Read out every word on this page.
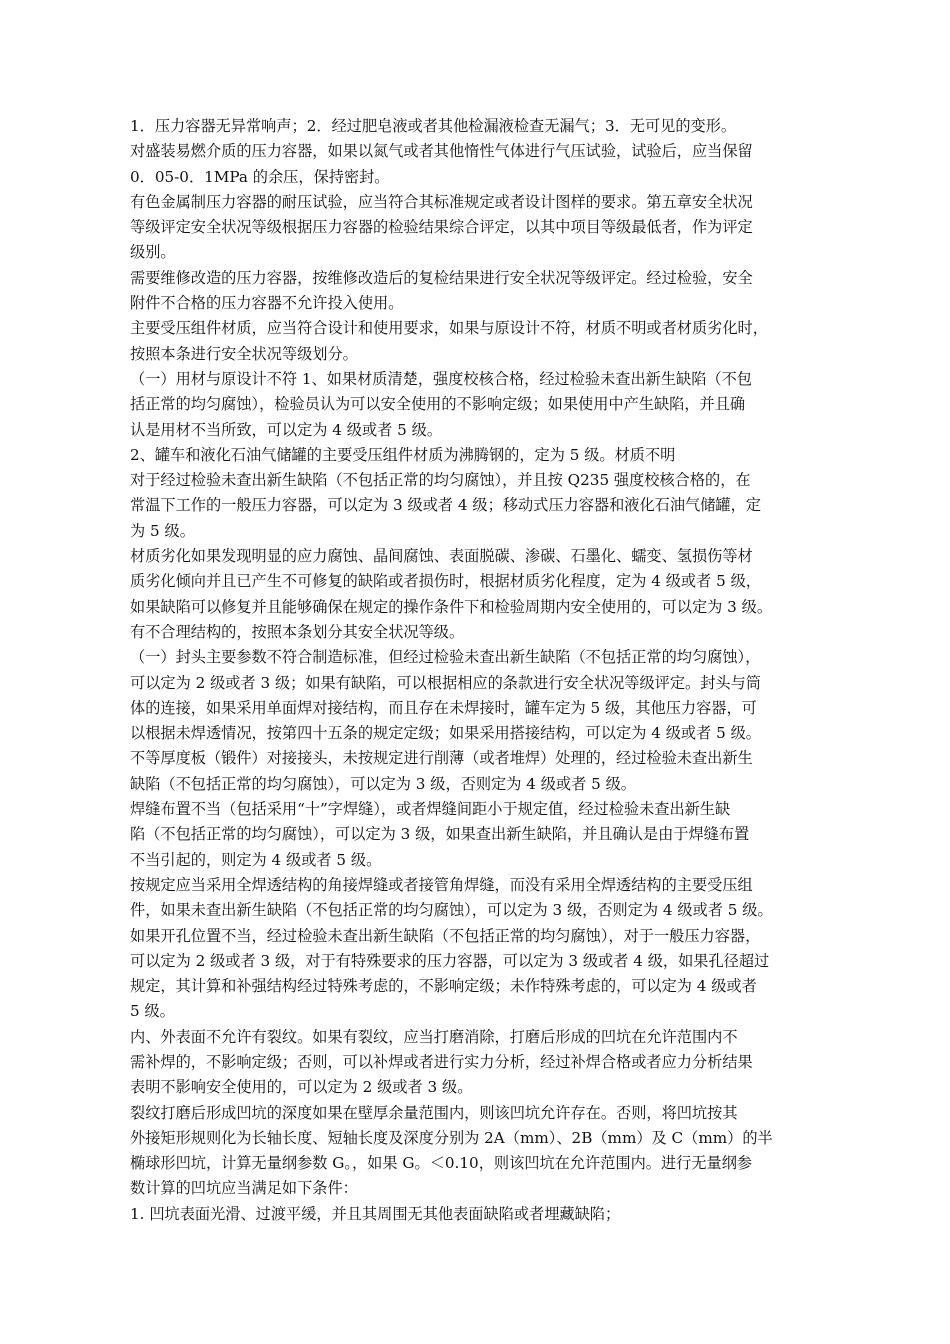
1．压力容器无异常响声；2．经过肥皂液或者其他检漏液检查无漏气；3．无可见的变形。
对盛装易燃介质的压力容器，如果以氮气或者其他惰性气体进行气压试验，试验后，应当保留
0．05-0．1MPa 的余压，保持密封。
有色金属制压力容器的耐压试验，应当符合其标准规定或者设计图样的要求。第五章安全状况
等级评定安全状况等级根据压力容器的检验结果综合评定，以其中项目等级最低者，作为评定
级别。
需要维修改造的压力容器，按维修改造后的复检结果进行安全状况等级评定。经过检验，安全
附件不合格的压力容器不允许投入使用。
主要受压组件材质，应当符合设计和使用要求，如果与原设计不符，材质不明或者材质劣化时，
按照本条进行安全状况等级划分。
（一）用材与原设计不符 1、如果材质清楚，强度校核合格，经过检验未查出新生缺陷（不包
括正常的均匀腐蚀），检验员认为可以安全使用的不影响定级；如果使用中产生缺陷，并且确
认是用材不当所致，可以定为 4 级或者 5 级。
2、罐车和液化石油气储罐的主要受压组件材质为沸腾钢的，定为 5 级。材质不明
对于经过检验未查出新生缺陷（不包括正常的均匀腐蚀），并且按 Q235 强度校核合格的，在
常温下工作的一般压力容器，可以定为 3 级或者 4 级；移动式压力容器和液化石油气储罐，定
为 5 级。
材质劣化如果发现明显的应力腐蚀、晶间腐蚀、表面脱碳、渗碳、石墨化、蠕变、氢损伤等材
质劣化倾向并且已产生不可修复的缺陷或者损伤时，根据材质劣化程度，定为 4 级或者 5 级，
如果缺陷可以修复并且能够确保在规定的操作条件下和检验周期内安全使用的，可以定为 3 级。
有不合理结构的，按照本条划分其安全状况等级。
（一）封头主要参数不符合制造标准，但经过检验未查出新生缺陷（不包括正常的均匀腐蚀），
可以定为 2 级或者 3 级；如果有缺陷，可以根据相应的条款进行安全状况等级评定。封头与筒
体的连接，如果采用单面焊对接结构，而且存在未焊接时，罐车定为 5 级，其他压力容器，可
以根据未焊透情况，按第四十五条的规定定级；如果采用搭接结构，可以定为 4 级或者 5 级。
不等厚度板（锻件）对接接头，未按规定进行削薄（或者堆焊）处理的，经过检验未查出新生
缺陷（不包括正常的均匀腐蚀），可以定为 3 级，否则定为 4 级或者 5 级。
焊缝布置不当（包括采用“十”字焊缝），或者焊缝间距小于规定值，经过检验未查出新生缺
陷（不包括正常的均匀腐蚀），可以定为 3 级，如果查出新生缺陷，并且确认是由于焊缝布置
不当引起的，则定为 4 级或者 5 级。
按规定应当采用全焊透结构的角接焊缝或者接管角焊缝，而没有采用全焊透结构的主要受压组
件，如果未查出新生缺陷（不包括正常的均匀腐蚀），可以定为 3 级，否则定为 4 级或者 5 级。
如果开孔位置不当，经过检验未查出新生缺陷（不包括正常的均匀腐蚀），对于一般压力容器，
可以定为 2 级或者 3 级，对于有特殊要求的压力容器，可以定为 3 级或者 4 级，如果孔径超过
规定，其计算和补强结构经过特殊考虑的，不影响定级；未作特殊考虑的，可以定为 4 级或者
5 级。
内、外表面不允许有裂纹。如果有裂纹，应当打磨消除，打磨后形成的凹坑在允许范围内不
需补焊的，不影响定级；否则，可以补焊或者进行实力分析，经过补焊合格或者应力分析结果
表明不影响安全使用的，可以定为 2 级或者 3 级。
裂纹打磨后形成凹坑的深度如果在壁厚余量范围内，则该凹坑允许存在。否则，将凹坑按其
外接矩形规则化为长轴长度、短轴长度及深度分别为 2A（mm）、2B（mm）及 C（mm）的半
椭球形凹坑，计算无量纲参数 G。，如果 G。＜0.10，则该凹坑在允许范围内。进行无量纲参
数计算的凹坑应当满足如下条件：
1. 凹坑表面光滑、过渡平缓，并且其周围无其他表面缺陷或者埋藏缺陷；
